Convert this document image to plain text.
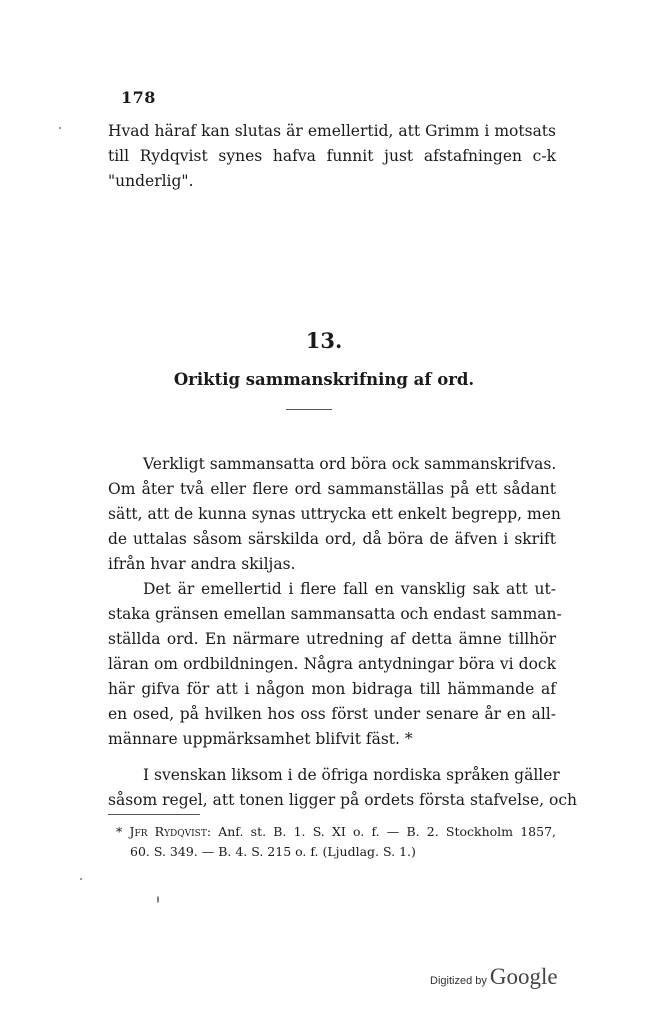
178
Hvad häraf kan slutas är emellertid, att Grimm i motsats
till Rydqvist synes hafva funnit just afstafningen c-k
"underlig".
13.
Oriktig sammanskrifning af ord.
Verkligt sammansatta ord böra ock sammanskrifvas.
Om åter två eller flere ord sammanställas på ett sådant
sätt, att de kunna synas uttrycka ett enkelt begrepp, men
de uttalas såsom särskilda ord, då böra de äfven i skrift
ifrån hvar andra skiljas.
Det är emellertid i flere fall en vansklig sak att ut-
staka gränsen emellan sammansatta och endast samman-
ställda ord. En närmare utredning af detta ämne tillhör
läran om ordbildningen. Några antydningar böra vi dock
här gifva för att i någon mon bidraga till hämmande af
en osed, på hvilken hos oss först under senare år en all-
männare uppmärksamhet blifvit fäst. *
I svenskan liksom i de öfriga nordiska språken gäller
såsom regel, att tonen ligger på ordets första stafvelse, och
* Jfr Rydqvist: Anf. st. B. 1. S. XI o. f. — B. 2. Stockholm 1857,
60. S. 349. — B. 4. S. 215 o. f. (Ljudlag. S. 1.)
Digitized by Google
